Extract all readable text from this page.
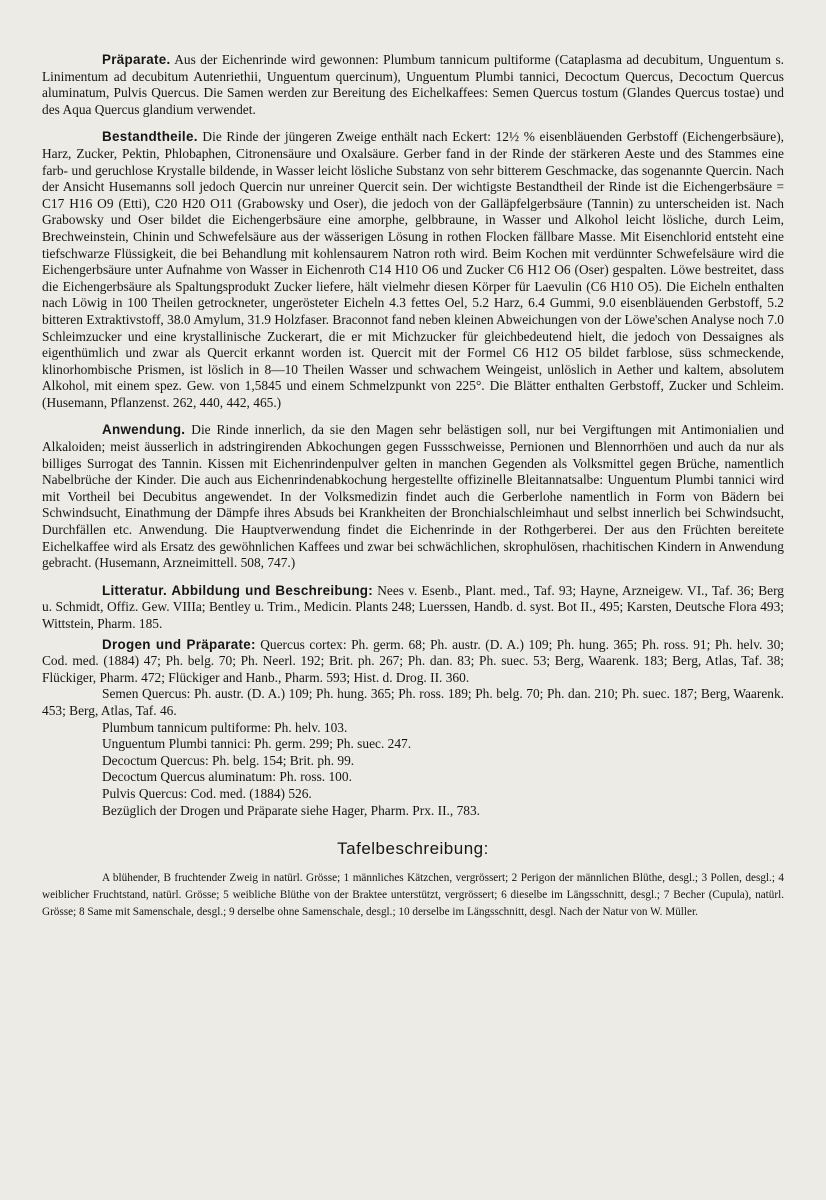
Präparate. Aus der Eichenrinde wird gewonnen: Plumbum tannicum pultiforme (Cataplasma ad decubitum, Unguentum s. Linimentum ad decubitum Autenriethii, Unguentum quercinum), Unguentum Plumbi tannici, Decoctum Quercus, Decoctum Quercus aluminatum, Pulvis Quercus. Die Samen werden zur Bereitung des Eichelkaffees: Semen Quercus tostum (Glandes Quercus tostae) und des Aqua Quercus glandium verwendet.

Bestandtheile. Die Rinde der jüngeren Zweige enthält nach Eckert: 12½ % eisenbläuenden Gerbstoff (Eichengerbsäure), Harz, Zucker, Pektin, Phlobaphen, Citronensäure und Oxalsäure. Gerber fand in der Rinde der stärkeren Aeste und des Stammes eine farb- und geruchlose Krystalle bildende, in Wasser leicht lösliche Substanz von sehr bitterem Geschmacke, das sogenannte Quercin. Nach der Ansicht Husemanns soll jedoch Quercin nur unreiner Quercit sein. Der wichtigste Bestandtheil der Rinde ist die Eichengerbsäure = C17 H16 O9 (Etti), C20 H20 O11 (Grabowsky und Oser), die jedoch von der Galläpfelgerbsäure (Tannin) zu unterscheiden ist. Nach Grabowsky und Oser bildet die Eichengerbsäure eine amorphe, gelbbraune, in Wasser und Alkohol leicht lösliche, durch Leim, Brechweinstein, Chinin und Schwefelsäure aus der wässerigen Lösung in rothen Flocken fällbare Masse. Mit Eisenchlorid entsteht eine tiefschwarze Flüssigkeit, die bei Behandlung mit kohlensaurem Natron roth wird. Beim Kochen mit verdünnter Schwefelsäure wird die Eichengerbsäure unter Aufnahme von Wasser in Eichenroth C14 H10 O6 und Zucker C6 H12 O6 (Oser) gespalten. Löwe bestreitet, dass die Eichengerbsäure als Spaltungsprodukt Zucker liefere, hält vielmehr diesen Körper für Laevulin (C6 H10 O5). Die Eicheln enthalten nach Löwig in 100 Theilen getrockneter, ungerösteter Eicheln 4.3 fettes Oel, 5.2 Harz, 6.4 Gummi, 9.0 eisenbläuenden Gerbstoff, 5.2 bitteren Extraktivstoff, 38.0 Amylum, 31.9 Holzfaser. Braconnot fand neben kleinen Abweichungen von der Löwe'schen Analyse noch 7.0 Schleimzucker und eine krystallinische Zuckerart, die er mit Michzucker für gleichbedeutend hielt, die jedoch von Dessaignes als eigenthümlich und zwar als Quercit erkannt worden ist. Quercit mit der Formel C6 H12 O5 bildet farblose, süss schmeckende, klinorhombische Prismen, ist löslich in 8—10 Theilen Wasser und schwachem Weingeist, unlöslich in Aether und kaltem, absolutem Alkohol, mit einem spez. Gew. von 1,5845 und einem Schmelzpunkt von 225°. Die Blätter enthalten Gerbstoff, Zucker und Schleim. (Husemann, Pflanzenst. 262, 440, 442, 465.)

Anwendung. Die Rinde innerlich, da sie den Magen sehr belästigen soll, nur bei Vergiftungen mit Antimonialien und Alkaloiden; meist äusserlich in adstringirenden Abkochungen gegen Fussschweisse, Pernionen und Blennorrhöen und auch da nur als billiges Surrogat des Tannin. Kissen mit Eichenrindenpulver gelten in manchen Gegenden als Volksmittel gegen Brüche, namentlich Nabelbrüche der Kinder. Die auch aus Eichenrindenabkochung hergestellte offizinelle Bleitannatsalbe: Unguentum Plumbi tannici wird mit Vortheil bei Decubitus angewendet. In der Volksmedizin findet auch die Gerberlohe namentlich in Form von Bädern bei Schwindsucht, Einathmung der Dämpfe ihres Absuds bei Krankheiten der Bronchialschleimhaut und selbst innerlich bei Schwindsucht, Durchfällen etc. Anwendung. Die Hauptverwendung findet die Eichenrinde in der Rothgerberei. Der aus den Früchten bereitete Eichelkaffee wird als Ersatz des gewöhnlichen Kaffees und zwar bei schwächlichen, skrophulösen, rhachitischen Kindern in Anwendung gebracht. (Husemann, Arzneimittell. 508, 747.)

Litteratur. Abbildung und Beschreibung: Nees v. Esenb., Plant. med., Taf. 93; Hayne, Arzneigew. VI., Taf. 36; Berg u. Schmidt, Offiz. Gew. VIIIa; Bentley u. Trim., Medicin. Plants 248; Luerssen, Handb. d. syst. Bot II., 495; Karsten, Deutsche Flora 493; Wittstein, Pharm. 185.

Drogen und Präparate: Quercus cortex: Ph. germ. 68; Ph. austr. (D. A.) 109; Ph. hung. 365; Ph. ross. 91; Ph. helv. 30; Cod. med. (1884) 47; Ph. belg. 70; Ph. Neerl. 192; Brit. ph. 267; Ph. dan. 83; Ph. suec. 53; Berg, Waarenk. 183; Berg, Atlas, Taf. 38; Flückiger, Pharm. 472; Flückiger and Hanb., Pharm. 593; Hist. d. Drog. II. 360.

Semen Quercus: Ph. austr. (D. A.) 109; Ph. hung. 365; Ph. ross. 189; Ph. belg. 70; Ph. dan. 210; Ph. suec. 187; Berg, Waarenk. 453; Berg, Atlas, Taf. 46.

Plumbum tannicum pultiforme: Ph. helv. 103.

Unguentum Plumbi tannici: Ph. germ. 299; Ph. suec. 247.

Decoctum Quercus: Ph. belg. 154; Brit. ph. 99.

Decoctum Quercus aluminatum: Ph. ross. 100.

Pulvis Quercus: Cod. med. (1884) 526.

Bezüglich der Drogen und Präparate siehe Hager, Pharm. Prx. II., 783.

Tafelbeschreibung:

A blühender, B fruchtender Zweig in natürl. Grösse; 1 männliches Kätzchen, vergrössert; 2 Perigon der männlichen Blüthe, desgl.; 3 Pollen, desgl.; 4 weiblicher Fruchtstand, natürl. Grösse; 5 weibliche Blüthe von der Braktee unterstützt, vergrössert; 6 dieselbe im Längsschnitt, desgl.; 7 Becher (Cupula), natürl. Grösse; 8 Same mit Samenschale, desgl.; 9 derselbe ohne Samenschale, desgl.; 10 derselbe im Längsschnitt, desgl. Nach der Natur von W. Müller.
